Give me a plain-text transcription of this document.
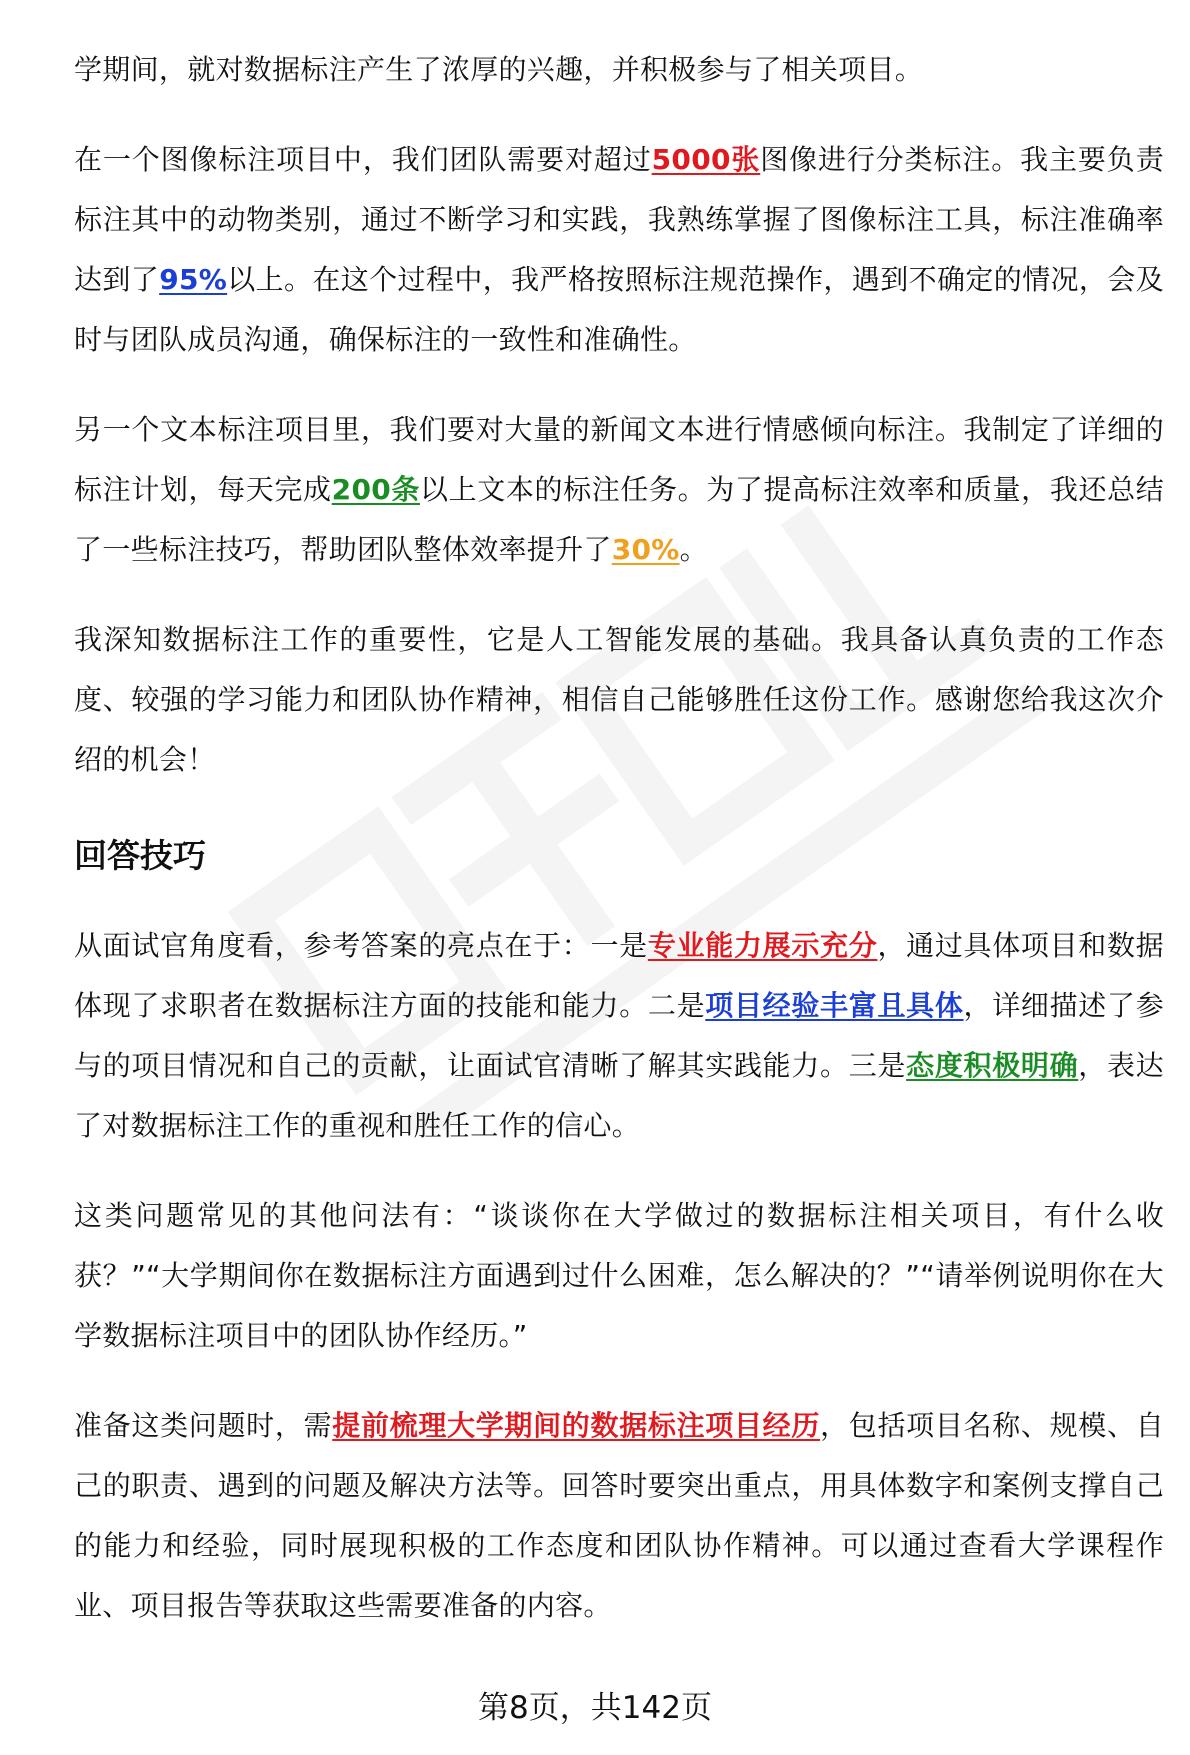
学期间，就对数据标注产生了浓厚的兴趣，并积极参与了相关项目。

在一个图像标注项目中，我们团队需要对超过5000张图像进行分类标注。我主要负责标注其中的动物类别，通过不断学习和实践，我熟练掌握了图像标注工具，标注准确率达到了95%以上。在这个过程中，我严格按照标注规范操作，遇到不确定的情况，会及时与团队成员沟通，确保标注的一致性和准确性。

另一个文本标注项目里，我们要对大量的新闻文本进行情感倾向标注。我制定了详细的标注计划，每天完成200条以上文本的标注任务。为了提高标注效率和质量，我还总结了一些标注技巧，帮助团队整体效率提升了30%。

我深知数据标注工作的重要性，它是人工智能发展的基础。我具备认真负责的工作态度、较强的学习能力和团队协作精神，相信自己能够胜任这份工作。感谢您给我这次介绍的机会！

回答技巧

从面试官角度看，参考答案的亮点在于：一是专业能力展示充分，通过具体项目和数据体现了求职者在数据标注方面的技能和能力。二是项目经验丰富且具体，详细描述了参与的项目情况和自己的贡献，让面试官清晰了解其实践能力。三是态度积极明确，表达了对数据标注工作的重视和胜任工作的信心。

这类问题常见的其他问法有：“谈谈你在大学做过的数据标注相关项目，有什么收获？”“大学期间你在数据标注方面遇到过什么困难，怎么解决的？”“请举例说明你在大学数据标注项目中的团队协作经历。”

准备这类问题时，需提前梳理大学期间的数据标注项目经历，包括项目名称、规模、自己的职责、遇到的问题及解决方法等。回答时要突出重点，用具体数字和案例支撑自己的能力和经验，同时展现积极的工作态度和团队协作精神。可以通过查看大学课程作业、项目报告等获取这些需要准备的内容。

第8页，共142页
